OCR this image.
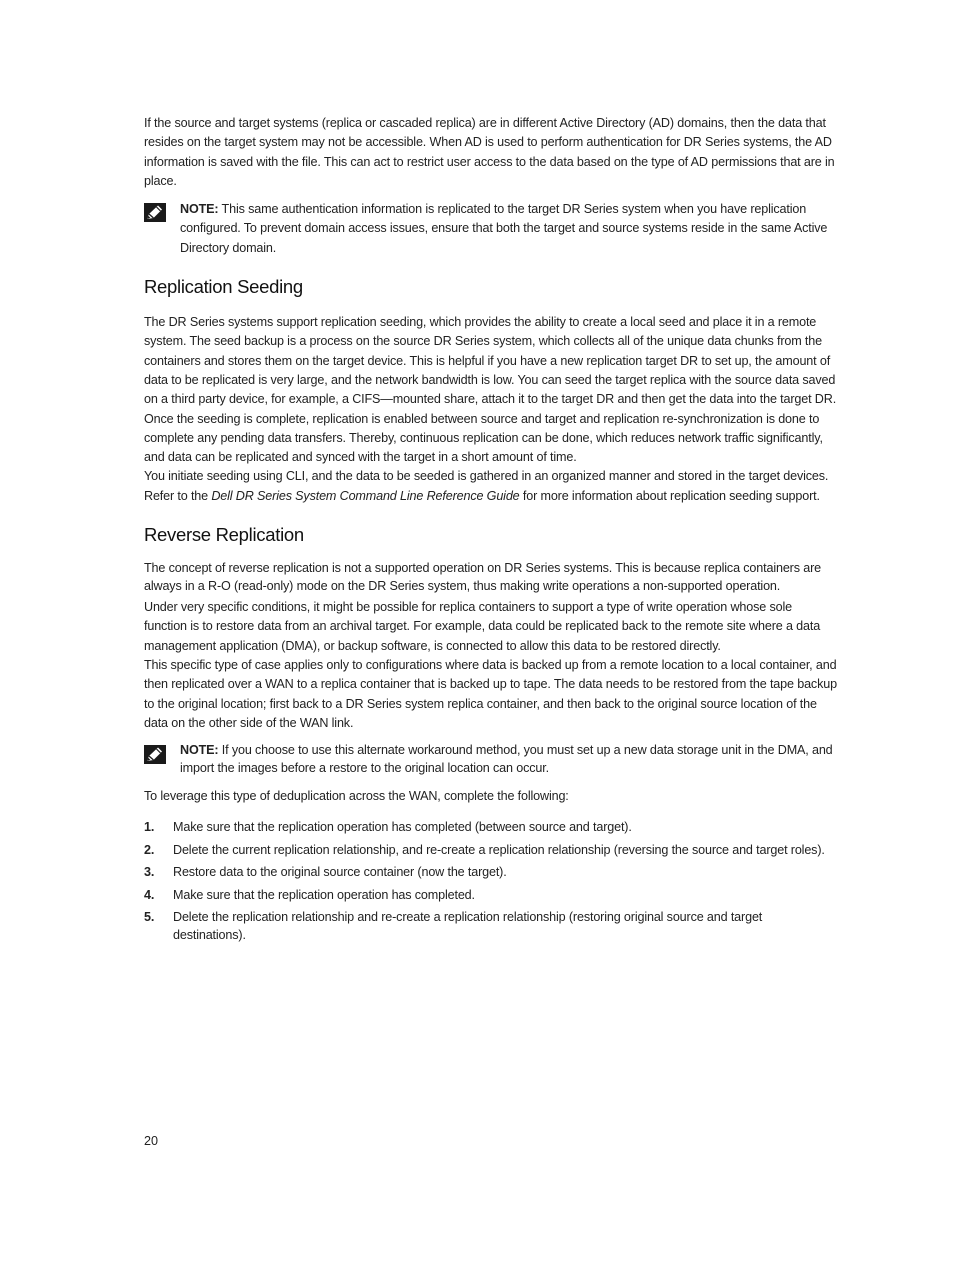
If the source and target systems (replica or cascaded replica) are in different Active Directory (AD) domains, then the data that resides on the target system may not be accessible. When AD is used to perform authentication for DR Series systems, the AD information is saved with the file. This can act to restrict user access to the data based on the type of AD permissions that are in place.

NOTE: This same authentication information is replicated to the target DR Series system when you have replication configured. To prevent domain access issues, ensure that both the target and source systems reside in the same Active Directory domain.
Replication Seeding

The DR Series systems support replication seeding, which provides the ability to create a local seed and place it in a remote system. The seed backup is a process on the source DR Series system, which collects all of the unique data chunks from the containers and stores them on the target device. This is helpful if you have a new replication target DR to set up, the amount of data to be replicated is very large, and the network bandwidth is low. You can seed the target replica with the source data saved on a third party device, for example, a CIFS—mounted share, attach it to the target DR and then get the data into the target DR. Once the seeding is complete, replication is enabled between source and target and replication re-synchronization is done to complete any pending data transfers. Thereby, continuous replication can be done, which reduces network traffic significantly, and data can be replicated and synced with the target in a short amount of time.

You initiate seeding using CLI, and the data to be seeded is gathered in an organized manner and stored in the target devices. Refer to the Dell DR Series System Command Line Reference Guide for more information about replication seeding support.

Reverse Replication

The concept of reverse replication is not a supported operation on DR Series systems. This is because replica containers are always in a R-O (read-only) mode on the DR Series system, thus making write operations a non-supported operation.

Under very specific conditions, it might be possible for replica containers to support a type of write operation whose sole function is to restore data from an archival target. For example, data could be replicated back to the remote site where a data management application (DMA), or backup software, is connected to allow this data to be restored directly.

This specific type of case applies only to configurations where data is backed up from a remote location to a local container, and then replicated over a WAN to a replica container that is backed up to tape. The data needs to be restored from the tape backup to the original location; first back to a DR Series system replica container, and then back to the original source location of the data on the other side of the WAN link.

NOTE: If you choose to use this alternate workaround method, you must set up a new data storage unit in the DMA, and import the images before a restore to the original location can occur.

To leverage this type of deduplication across the WAN, complete the following:

1. Make sure that the replication operation has completed (between source and target).
2. Delete the current replication relationship, and re-create a replication relationship (reversing the source and target roles).
3. Restore data to the original source container (now the target).
4. Make sure that the replication operation has completed.
5. Delete the replication relationship and re-create a replication relationship (restoring original source and target destinations).
20
